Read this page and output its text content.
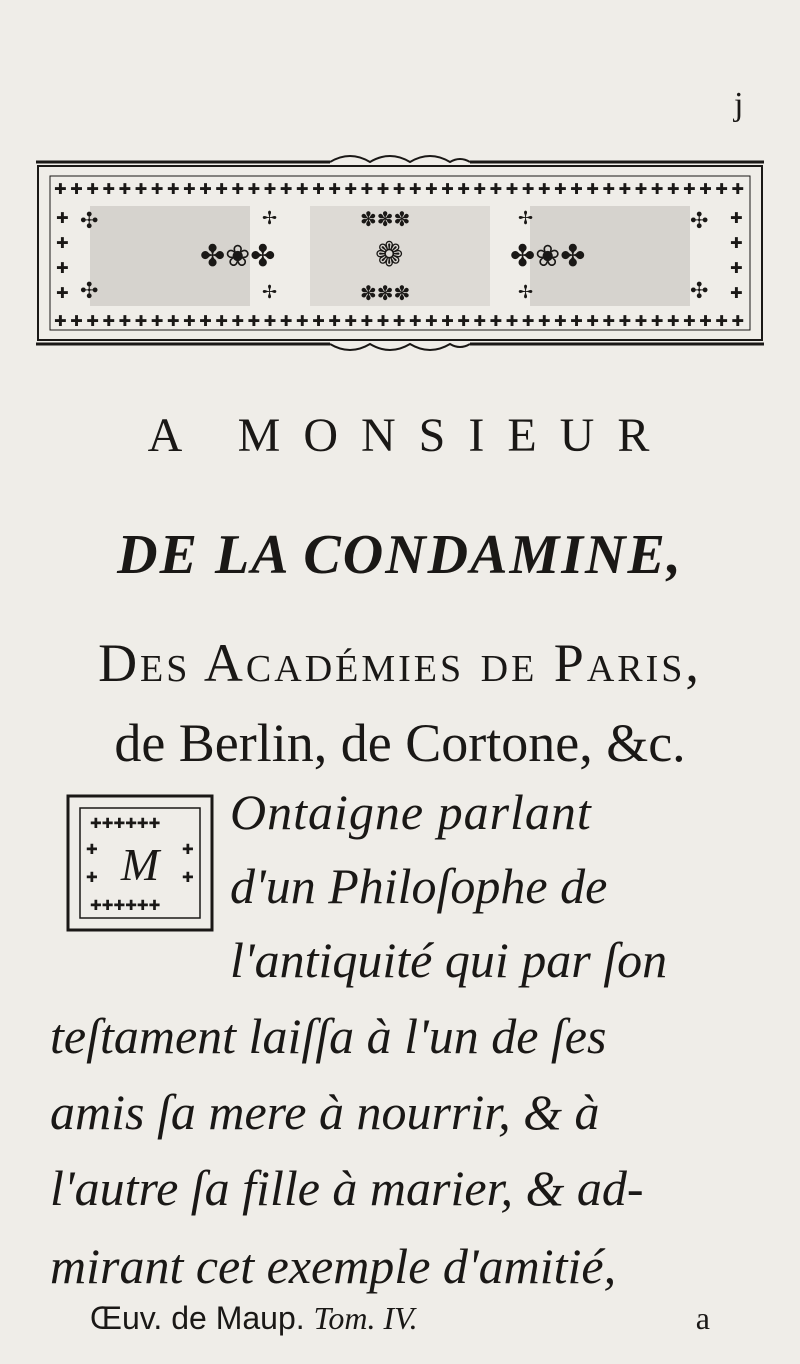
j
✚✚✚✚✚✚✚✚✚✚✚✚✚✚✚✚✚✚✚✚✚✚✚✚✚✚✚✚✚✚✚✚✚✚✚✚✚✚✚✚✚✚✚
✚✚✚✚✚✚✚✚✚✚✚✚✚✚✚✚✚✚✚✚✚✚✚✚✚✚✚✚✚✚✚✚✚✚✚✚✚✚✚✚✚✚✚
✚
✚
✚
✚
✚
✚
✚
✚
✤❀✤	✤❀✤
❁
✽✽✽
✽✽✽
✣
✣
✣
✣
✢
✢
✢
✢
A MONSIEUR
DE LA CONDAMINE,
Des Académies de Paris,
de Berlin, de Cortone, &c.
✚✚✚✚✚✚
✚✚✚✚✚✚
✚
✚
✚
✚
M
Ontaigne parlant
d'un Philoſophe de
l'antiquité qui par ſon
teſtament laiſſa à l'un de ſes
amis ſa mere à nourrir, & à
l'autre ſa fille à marier, & ad-
Œuv. de Maup. Tom. IV.	a
mirant cet exemple d'amitié,
